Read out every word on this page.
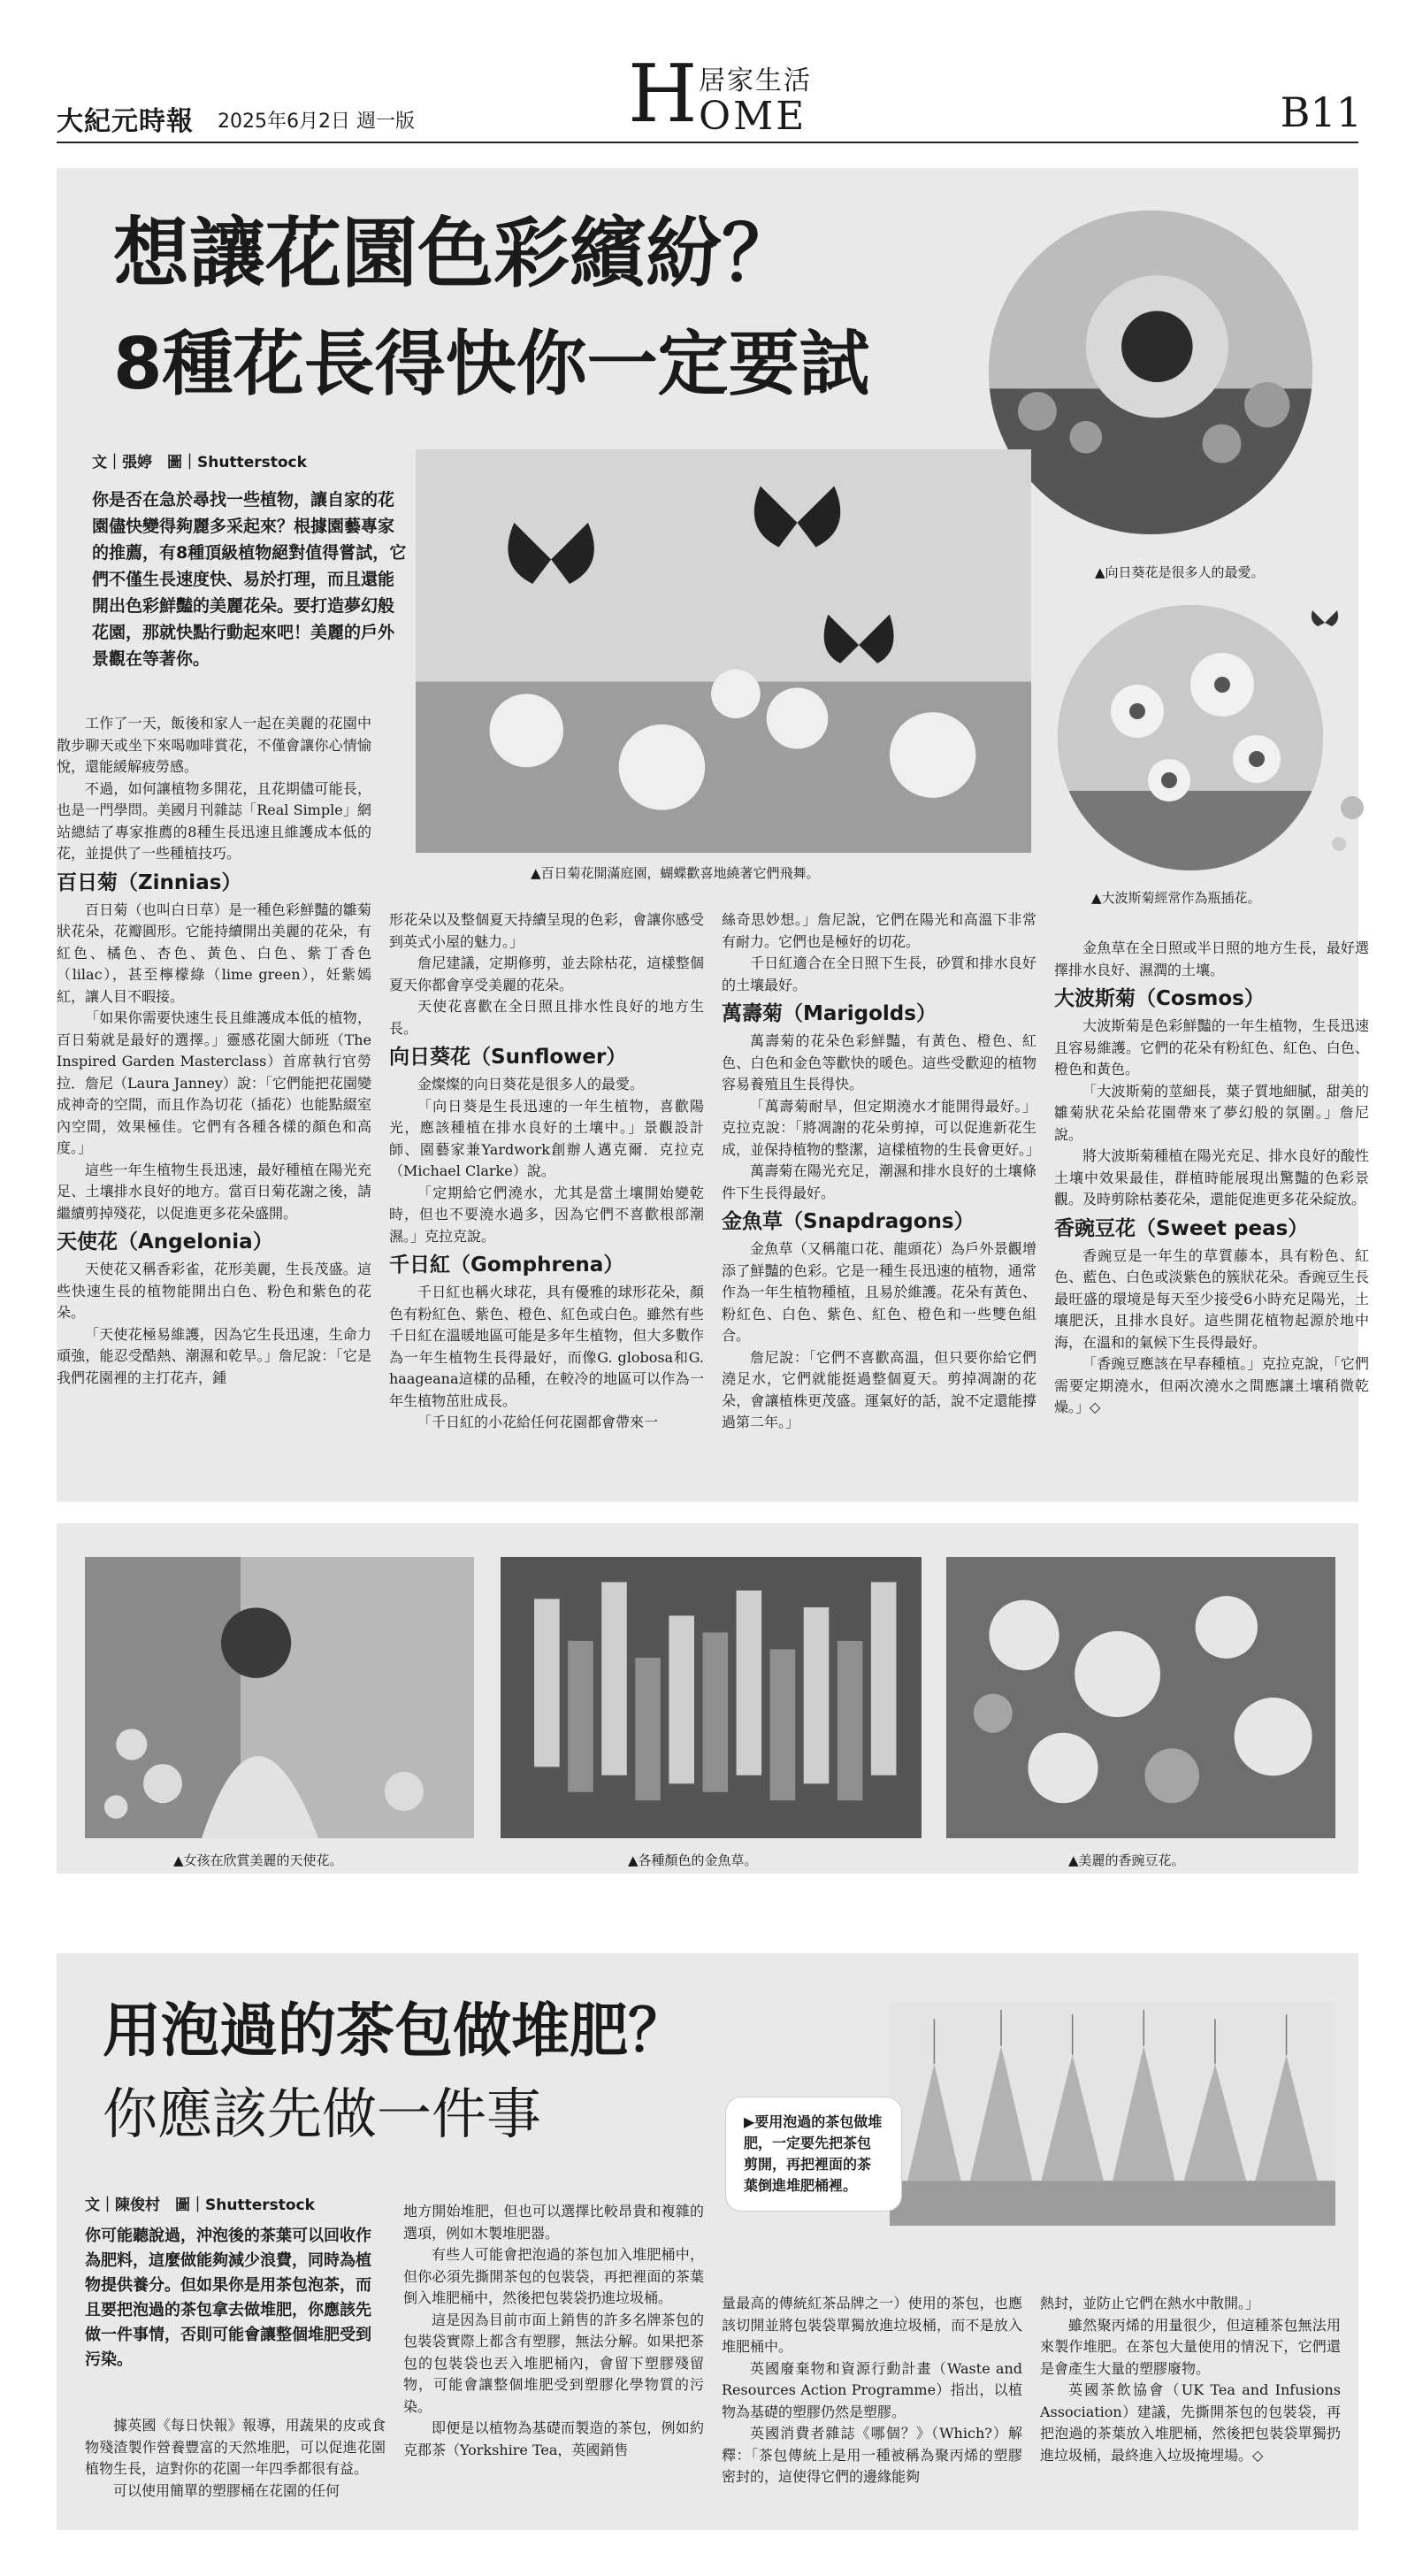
大紀元時報 2025年6月2日 週一版	H 居家生活
OME	B11
想讓花園色彩繽紛？
8種花長得快你一定要試
▲向日葵花是很多人的最愛。
▲大波斯菊經常作為瓶插花。
文｜張婷　圖｜Shutterstock
你是否在急於尋找一些植物，讓自家的花園儘快變得夠麗多采起來？根據園藝專家的推薦，有8種頂級植物絕對值得嘗試，它們不僅生長速度快、易於打理，而且還能開出色彩鮮豔的美麗花朵。要打造夢幻般花園，那就快點行動起來吧！美麗的戶外景觀在等著你。
▲百日菊花開滿庭園，蝴蝶歡喜地繞著它們飛舞。

工作了一天，飯後和家人一起在美麗的花園中散步聊天或坐下來喝咖啡賞花，不僅會讓你心情愉悅，還能緩解疲勞感。

不過，如何讓植物多開花，且花期儘可能長，也是一門學問。美國月刊雜誌「Real Simple」網站總結了專家推薦的8種生長迅速且維護成本低的花，並提供了一些種植技巧。

百日菊（Zinnias）

百日菊（也叫白日草）是一種色彩鮮豔的雛菊狀花朵，花瓣圓形。它能持續開出美麗的花朵，有紅色、橘色、杏色、黃色、白色、紫丁香色（lilac），甚至檸檬綠（lime green），妊紫嫣紅，讓人目不暇接。

「如果你需要快速生長且維護成本低的植物，百日菊就是最好的選擇。」靈感花園大師班（The Inspired Garden Masterclass）首席執行官勞拉．詹尼（Laura Janney）說：「它們能把花園變成神奇的空間，而且作為切花（插花）也能點綴室內空間，效果極佳。它們有各種各樣的顏色和高度。」

這些一年生植物生長迅速，最好種植在陽光充足、土壤排水良好的地方。當百日菊花謝之後，請繼續剪掉殘花，以促進更多花朵盛開。

天使花（Angelonia）

天使花又稱香彩雀，花形美麗，生長茂盛。這些快速生長的植物能開出白色、粉色和紫色的花朵。

「天使花極易維護，因為它生長迅速，生命力頑強，能忍受酷熱、潮濕和乾旱。」詹尼說：「它是我們花園裡的主打花卉，鍾

形花朵以及整個夏天持續呈現的色彩，會讓你感受到英式小屋的魅力。」

詹尼建議，定期修剪，並去除枯花，這樣整個夏天你都會享受美麗的花朵。

天使花喜歡在全日照且排水性良好的地方生長。

向日葵花（Sunflower）

金燦燦的向日葵花是很多人的最愛。

「向日葵是生長迅速的一年生植物，喜歡陽光，應該種植在排水良好的土壤中。」景觀設計師、園藝家兼Yardwork創辦人邁克爾．克拉克（Michael Clarke）說。

「定期給它們澆水，尤其是當土壤開始變乾時，但也不要澆水過多，因為它們不喜歡根部潮濕。」克拉克說。

千日紅（Gomphrena）

千日紅也稱火球花，具有優雅的球形花朵，顏色有粉紅色、紫色、橙色、紅色或白色。雖然有些千日紅在溫暖地區可能是多年生植物，但大多數作為一年生植物生長得最好，而像G. globosa和G. haageana這樣的品種，在較冷的地區可以作為一年生植物茁壯成長。

「千日紅的小花給任何花園都會帶來一

絲奇思妙想。」詹尼說，它們在陽光和高溫下非常有耐力。它們也是極好的切花。

千日紅適合在全日照下生長，砂質和排水良好的土壤最好。

萬壽菊（Marigolds）

萬壽菊的花朵色彩鮮豔，有黃色、橙色、紅色、白色和金色等歡快的暖色。這些受歡迎的植物容易養殖且生長得快。

「萬壽菊耐旱，但定期澆水才能開得最好。」克拉克說：「將凋謝的花朵剪掉，可以促進新花生成，並保持植物的整潔，這樣植物的生長會更好。」

萬壽菊在陽光充足，潮濕和排水良好的土壤條件下生長得最好。

金魚草（Snapdragons）

金魚草（又稱龍口花、龍頭花）為戶外景觀增添了鮮豔的色彩。它是一種生長迅速的植物，通常作為一年生植物種植，且易於維護。花朵有黃色、粉紅色、白色、紫色、紅色、橙色和一些雙色組合。

詹尼說：「它們不喜歡高溫，但只要你給它們澆足水，它們就能挺過整個夏天。剪掉凋謝的花朵，會讓植株更茂盛。運氣好的話，說不定還能撐過第二年。」

金魚草在全日照或半日照的地方生長，最好選擇排水良好、濕潤的土壤。

大波斯菊（Cosmos）

大波斯菊是色彩鮮豔的一年生植物，生長迅速且容易維護。它們的花朵有粉紅色、紅色、白色、橙色和黃色。

「大波斯菊的莖細長，葉子質地細膩，甜美的雛菊狀花朵給花園帶來了夢幻般的氛圍。」詹尼說。

將大波斯菊種植在陽光充足、排水良好的酸性土壤中效果最佳，群植時能展現出驚豔的色彩景觀。及時剪除枯萎花朵，還能促進更多花朵綻放。

香豌豆花（Sweet peas）

香豌豆是一年生的草質藤本，具有粉色、紅色、藍色、白色或淡紫色的簇狀花朵。香豌豆生長最旺盛的環境是每天至少接受6小時充足陽光，土壤肥沃，且排水良好。這些開花植物起源於地中海，在溫和的氣候下生長得最好。

「香豌豆應該在早春種植。」克拉克說，「它們需要定期澆水，但兩次澆水之間應讓土壤稍微乾燥。」◇

▲女孩在欣賞美麗的天使花。	▲各種顏色的金魚草。	▲美麗的香豌豆花。
用泡過的茶包做堆肥？
你應該先做一件事	▶要用泡過的茶包做堆肥，一定要先把茶包剪開，再把裡面的茶葉倒進堆肥桶裡。
文｜陳俊村　圖｜Shutterstock
你可能聽說過，沖泡後的茶葉可以回收作為肥料，這麼做能夠減少浪費，同時為植物提供養分。但如果你是用茶包泡茶，而且要把泡過的茶包拿去做堆肥，你應該先做一件事情，否則可能會讓整個堆肥受到污染。

據英國《每日快報》報導，用蔬果的皮或食物殘渣製作營養豐富的天然堆肥，可以促進花園植物生長，這對你的花園一年四季都很有益。

可以使用簡單的塑膠桶在花園的任何

地方開始堆肥，但也可以選擇比較昂貴和複雜的選項，例如木製堆肥器。

有些人可能會把泡過的茶包加入堆肥桶中，但你必須先撕開茶包的包裝袋，再把裡面的茶葉倒入堆肥桶中，然後把包裝袋扔進垃圾桶。

這是因為目前市面上銷售的許多名牌茶包的包裝袋實際上都含有塑膠，無法分解。如果把茶包的包裝袋也丟入堆肥桶內，會留下塑膠殘留物，可能會讓整個堆肥受到塑膠化學物質的污染。

即便是以植物為基礎而製造的茶包，例如約克郡茶（Yorkshire Tea，英國銷售

量最高的傳統紅茶品牌之一）使用的茶包，也應該切開並將包裝袋單獨放進垃圾桶，而不是放入堆肥桶中。

英國廢棄物和資源行動計畫（Waste and Resources Action Programme）指出，以植物為基礎的塑膠仍然是塑膠。

英國消費者雜誌《哪個？》（Which?）解釋：「茶包傳統上是用一種被稱為聚丙烯的塑膠密封的，這使得它們的邊緣能夠

熱封，並防止它們在熱水中散開。」

雖然聚丙烯的用量很少，但這種茶包無法用來製作堆肥。在茶包大量使用的情況下，它們還是會產生大量的塑膠廢物。

英國茶飲協會（UK Tea and Infusions Association）建議，先撕開茶包的包裝袋，再把泡過的茶葉放入堆肥桶，然後把包裝袋單獨扔進垃圾桶，最終進入垃圾掩埋場。◇
